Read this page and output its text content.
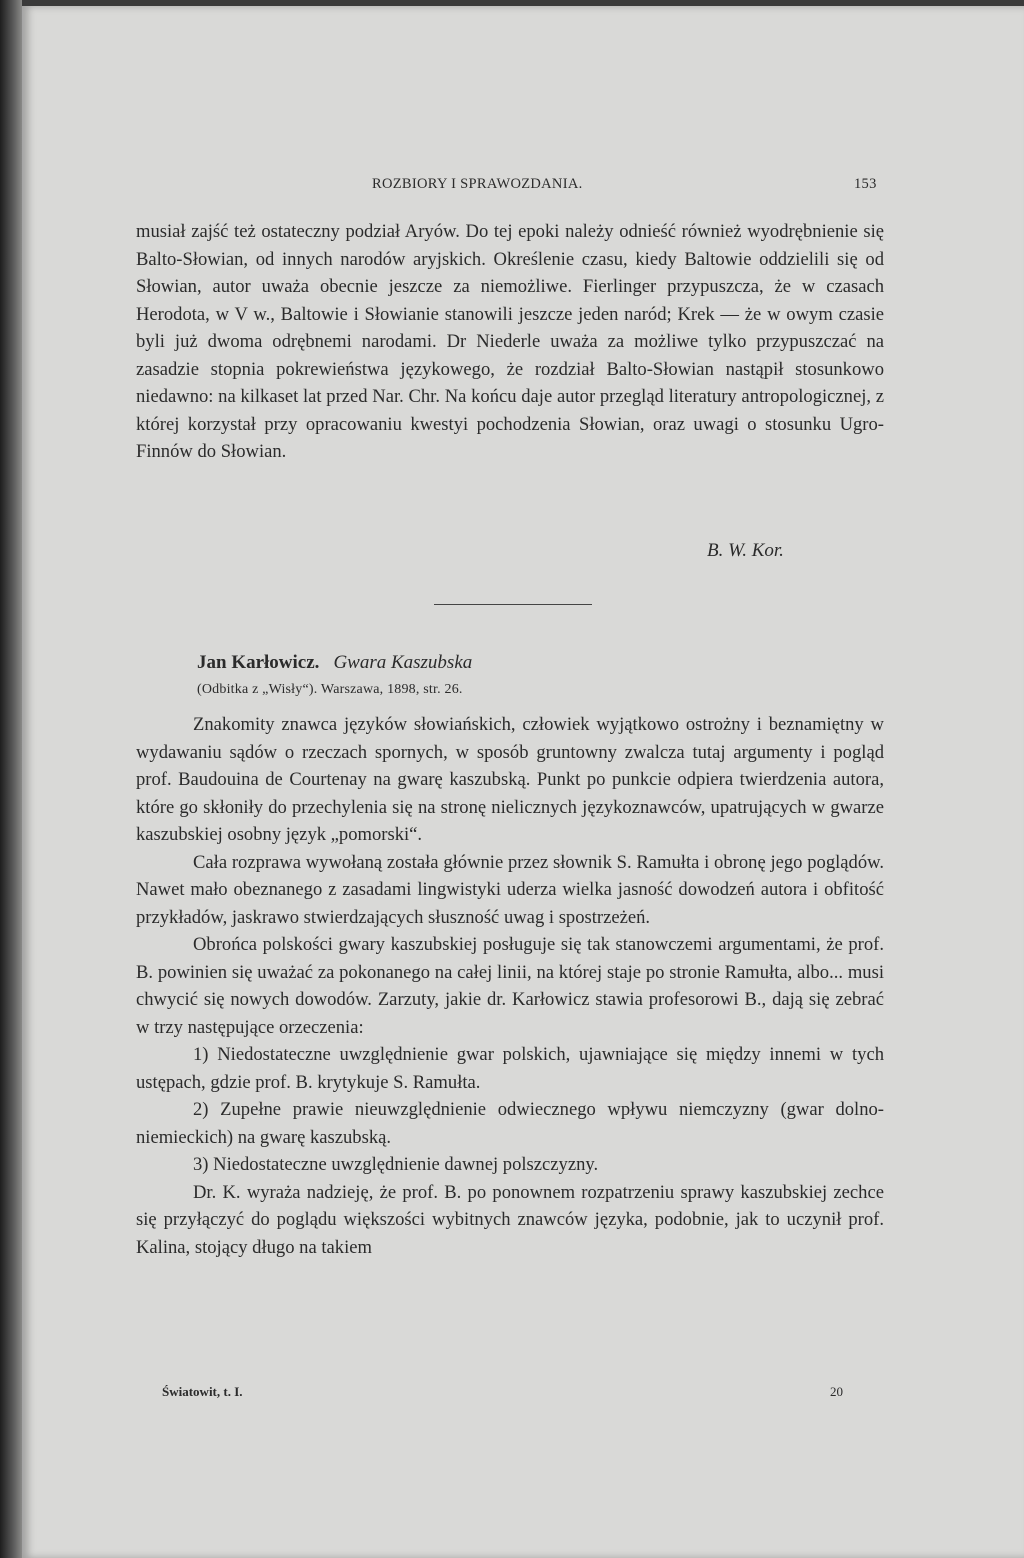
ROZBIORY I SPRAWOZDANIA.	153

musiał zajść też ostateczny podział Aryów. Do tej epoki należy odnieść również wyodrębnienie się Balto-Słowian, od innych narodów aryjskich. Określenie czasu, kiedy Baltowie oddzielili się od Słowian, autor uważa obecnie jeszcze za niemożliwe. Fierlinger przypuszcza, że w czasach Herodota, w V w., Baltowie i Słowianie stanowili jeszcze jeden naród; Krek — że w owym czasie byli już dwoma odrębnemi narodami. Dr Niederle uważa za możliwe tylko przypuszczać na zasadzie stopnia pokrewieństwa językowego, że rozdział Balto-Słowian nastąpił stosunkowo niedawno: na kilkaset lat przed Nar. Chr. Na końcu daje autor przegląd literatury antropologicznej, z której korzystał przy opracowaniu kwestyi pochodzenia Słowian, oraz uwagi o stosunku Ugro-Finnów do Słowian.

B. W. Kor.
Jan Karłowicz. Gwara Kaszubska
(Odbitka z „Wisły“). Warszawa, 1898, str. 26.

Znakomity znawca języków słowiańskich, człowiek wyjątkowo ostrożny i beznamiętny w wydawaniu sądów o rzeczach spornych, w sposób gruntowny zwalcza tutaj argumenty i pogląd prof. Baudouina de Courtenay na gwarę kaszubską. Punkt po punkcie odpiera twierdzenia autora, które go skłoniły do przechylenia się na stronę nielicznych językoznawców, upatrujących w gwarze kaszubskiej osobny język „pomorski“.

Cała rozprawa wywołaną została głównie przez słownik S. Ramułta i obronę jego poglądów. Nawet mało obeznanego z zasadami lingwistyki uderza wielka jasność dowodzeń autora i obfitość przykładów, jaskrawo stwierdzających słuszność uwag i spostrzeżeń.

Obrońca polskości gwary kaszubskiej posługuje się tak stanowczemi argumentami, że prof. B. powinien się uważać za pokonanego na całej linii, na której staje po stronie Ramułta, albo... musi chwycić się nowych dowodów. Zarzuty, jakie dr. Karłowicz stawia profesorowi B., dają się zebrać w trzy następujące orzeczenia:

1) Niedostateczne uwzględnienie gwar polskich, ujawniające się między innemi w tych ustępach, gdzie prof. B. krytykuje S. Ramułta.

2) Zupełne prawie nieuwzględnienie odwiecznego wpływu niemczyzny (gwar dolno-niemieckich) na gwarę kaszubską.

3) Niedostateczne uwzględnienie dawnej polszczyzny.

Dr. K. wyraża nadzieję, że prof. B. po ponownem rozpatrzeniu sprawy kaszubskiej zechce się przyłączyć do poglądu większości wybitnych znawców języka, podobnie, jak to uczynił prof. Kalina, stojący długo na takiem

Światowit, t. I.	20
